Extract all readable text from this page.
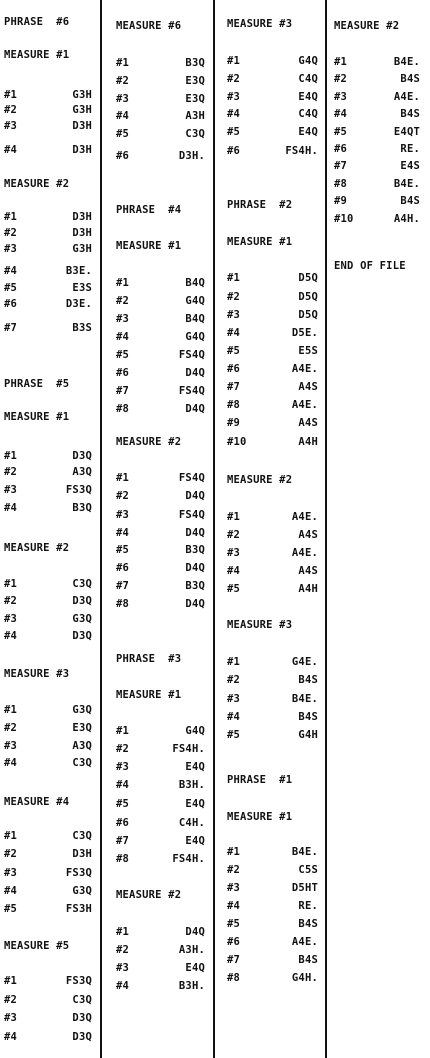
PHRASE  #6
MEASURE #1
#1	G3H
#2	G3H
#3	D3H
#4	D3H
MEASURE #2
#1	D3H
#2	D3H
#3	G3H
#4	B3E.
#5	E3S
#6	D3E.
#7	B3S
PHRASE  #5
MEASURE #1
#1	D3Q
#2	A3Q
#3	FS3Q
#4	B3Q
MEASURE #2
#1	C3Q
#2	D3Q
#3	G3Q
#4	D3Q
MEASURE #3
#1	G3Q
#2	E3Q
#3	A3Q
#4	C3Q
MEASURE #4
#1	C3Q
#2	D3H
#3	FS3Q
#4	G3Q
#5	FS3H
MEASURE #5
#1	FS3Q
#2	C3Q
#3	D3Q
#4	D3Q
MEASURE #6
#1	B3Q
#2	E3Q
#3	E3Q
#4	A3H
#5	C3Q
#6	D3H.
PHRASE  #4
MEASURE #1
#1	B4Q
#2	G4Q
#3	B4Q
#4	G4Q
#5	FS4Q
#6	D4Q
#7	FS4Q
#8	D4Q
MEASURE #2
#1	FS4Q
#2	D4Q
#3	FS4Q
#4	D4Q
#5	B3Q
#6	D4Q
#7	B3Q
#8	D4Q
PHRASE  #3
MEASURE #1
#1	G4Q
#2	FS4H.
#3	E4Q
#4	B3H.
#5	E4Q
#6	C4H.
#7	E4Q
#8	FS4H.
MEASURE #2
#1	D4Q
#2	A3H.
#3	E4Q
#4	B3H.
MEASURE #3
#1	G4Q
#2	C4Q
#3	E4Q
#4	C4Q
#5	E4Q
#6	FS4H.
PHRASE  #2
MEASURE #1
#1	D5Q
#2	D5Q
#3	D5Q
#4	D5E.
#5	E5S
#6	A4E.
#7	A4S
#8	A4E.
#9	A4S
#10	A4H
MEASURE #2
#1	A4E.
#2	A4S
#3	A4E.
#4	A4S
#5	A4H
MEASURE #3
#1	G4E.
#2	B4S
#3	B4E.
#4	B4S
#5	G4H
PHRASE  #1
MEASURE #1
#1	B4E.
#2	C5S
#3	D5HT
#4	RE.
#5	B4S
#6	A4E.
#7	B4S
#8	G4H.
MEASURE #2
#1	B4E.
#2	B4S
#3	A4E.
#4	B4S
#5	E4QT
#6	RE.
#7	E4S
#8	B4E.
#9	B4S
#10	A4H.
END OF FILE
